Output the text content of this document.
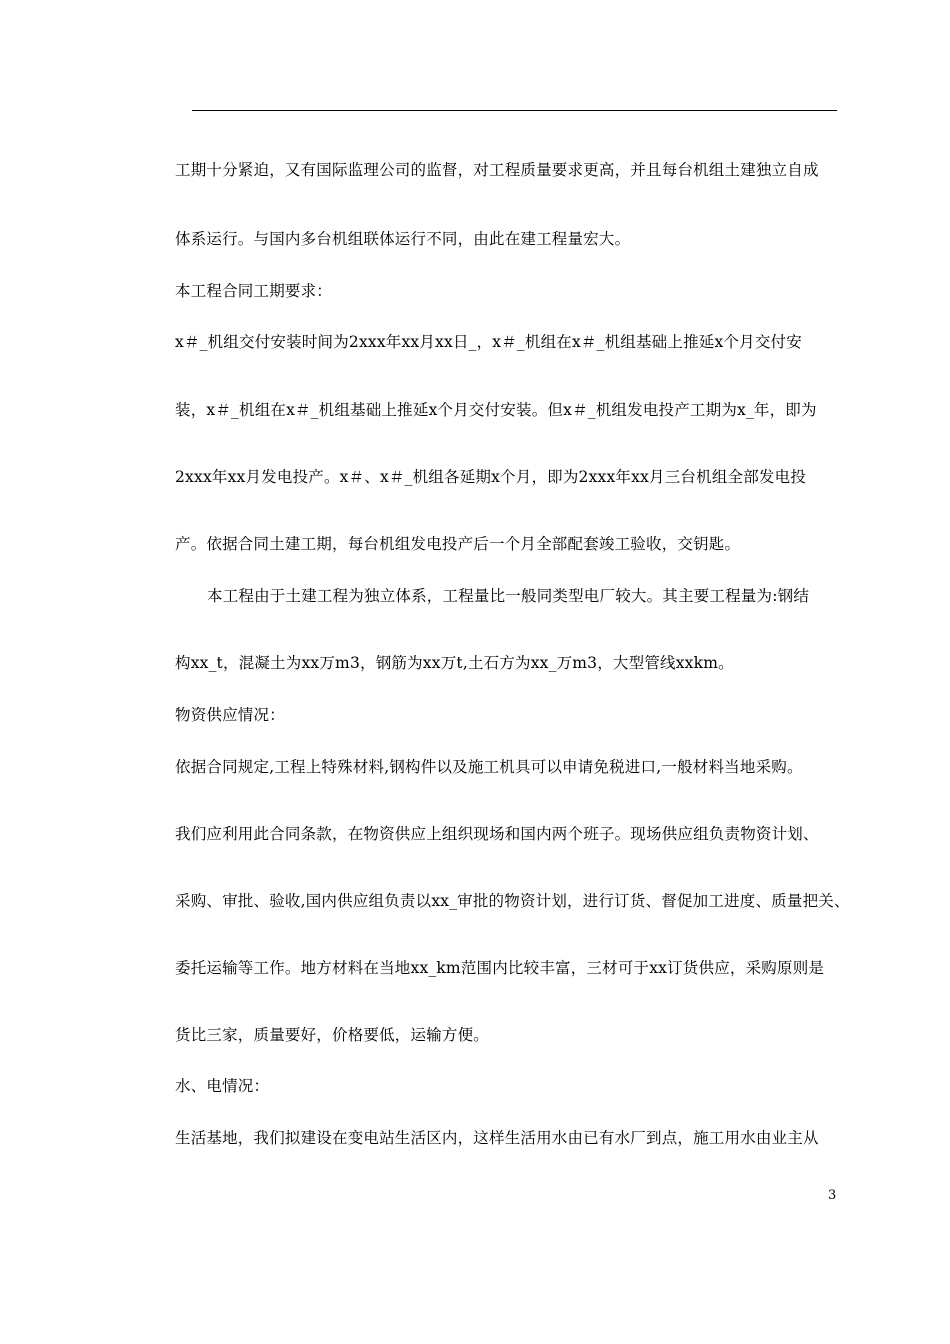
工期十分紧迫，又有国际监理公司的监督，对工程质量要求更高，并且每台机组土建独立自成
体系运行。与国内多台机组联体运行不同，由此在建工程量宏大。
本工程合同工期要求：
x＃_机组交付安装时间为2xxx年xx月xx日_，x＃_机组在x＃_机组基础上推延x个月交付安
装，x＃_机组在x＃_机组基础上推延x个月交付安装。但x＃_机组发电投产工期为x_年，即为
2xxx年xx月发电投产。x＃、x＃_机组各延期x个月，即为2xxx年xx月三台机组全部发电投
产。依据合同土建工期，每台机组发电投产后一个月全部配套竣工验收，交钥匙。
本工程由于土建工程为独立体系，工程量比一般同类型电厂较大。其主要工程量为:钢结
构xx_t，混凝土为xx万m3，钢筋为xx万t,土石方为xx_万m3，大型管线xxkm。
物资供应情况：
依据合同规定,工程上特殊材料,钢构件以及施工机具可以申请免税进口,一般材料当地采购。
我们应利用此合同条款，在物资供应上组织现场和国内两个班子。现场供应组负责物资计划、
采购、审批、验收,国内供应组负责以xx_审批的物资计划，进行订货、督促加工进度、质量把关、
委托运输等工作。地方材料在当地xx_km范围内比较丰富，三材可于xx订货供应，采购原则是
货比三家，质量要好，价格要低，运输方便。
水、电情况：
生活基地，我们拟建设在变电站生活区内，这样生活用水由已有水厂到点，施工用水由业主从
3
